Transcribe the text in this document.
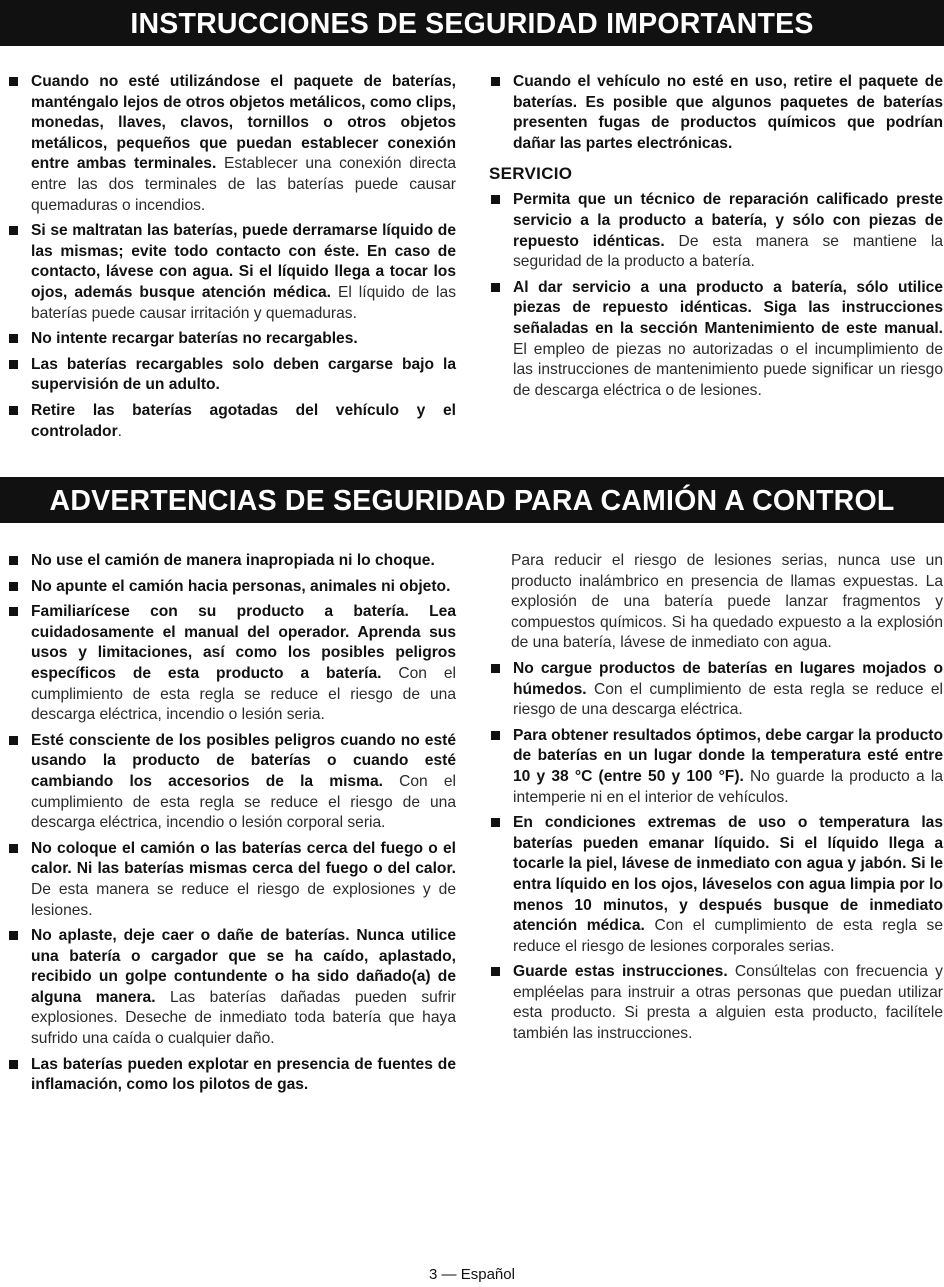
INSTRUCCIONES DE SEGURIDAD IMPORTANTES
Cuando no esté utilizándose el paquete de baterías, manténgalo lejos de otros objetos metálicos, como clips, monedas, llaves, clavos, tornillos o otros objetos metálicos, pequeños que puedan establecer conexión entre ambas terminales. Establecer una conexión directa entre las dos terminales de las baterías puede causar quemaduras o incendios.
Si se maltratan las baterías, puede derramarse líquido de las mismas; evite todo contacto con éste. En caso de contacto, lávese con agua. Si el líquido llega a tocar los ojos, además busque atención médica. El líquido de las baterías puede causar irritación y quemaduras.
No intente recargar baterías no recargables.
Las baterías recargables solo deben cargarse bajo la supervisión de un adulto.
Retire las baterías agotadas del vehículo y el controlador.
Cuando el vehículo no esté en uso, retire el paquete de baterías. Es posible que algunos paquetes de baterías presenten fugas de productos químicos que podrían dañar las partes electrónicas.
SERVICIO
Permita que un técnico de reparación calificado preste servicio a la producto a batería, y sólo con piezas de repuesto idénticas. De esta manera se mantiene la seguridad de la producto a batería.
Al dar servicio a una producto a batería, sólo utilice piezas de repuesto idénticas. Siga las instrucciones señaladas en la sección Mantenimiento de este manual. El empleo de piezas no autorizadas o el incumplimiento de las instrucciones de mantenimiento puede significar un riesgo de descarga eléctrica o de lesiones.
ADVERTENCIAS DE SEGURIDAD PARA CAMIÓN A CONTROL
No use el camión de manera inapropiada ni lo choque.
No apunte el camión hacia personas, animales ni objeto.
Familiarícese con su producto a batería. Lea cuidadosamente el manual del operador. Aprenda sus usos y limitaciones, así como los posibles peligros específicos de esta producto a batería. Con el cumplimiento de esta regla se reduce el riesgo de una descarga eléctrica, incendio o lesión seria.
Esté consciente de los posibles peligros cuando no esté usando la producto de baterías o cuando esté cambiando los accesorios de la misma. Con el cumplimiento de esta regla se reduce el riesgo de una descarga eléctrica, incendio o lesión corporal seria.
No coloque el camión o las baterías cerca del fuego o el calor. Ni las baterías mismas cerca del fuego o del calor. De esta manera se reduce el riesgo de explosiones y de lesiones.
No aplaste, deje caer o dañe de baterías. Nunca utilice una batería o cargador que se ha caído, aplastado, recibido un golpe contundente o ha sido dañado(a) de alguna manera. Las baterías dañadas pueden sufrir explosiones. Deseche de inmediato toda batería que haya sufrido una caída o cualquier daño.
Las baterías pueden explotar en presencia de fuentes de inflamación, como los pilotos de gas.

Para reducir el riesgo de lesiones serias, nunca use un producto inalámbrico en presencia de llamas expuestas. La explosión de una batería puede lanzar fragmentos y compuestos químicos. Si ha quedado expuesto a la explosión de una batería, lávese de inmediato con agua.

No cargue productos de baterías en lugares mojados o húmedos. Con el cumplimiento de esta regla se reduce el riesgo de una descarga eléctrica.
Para obtener resultados óptimos, debe cargar la producto de baterías en un lugar donde la temperatura esté entre 10 y 38 °C (entre 50 y 100 °F). No guarde la producto a la intemperie ni en el interior de vehículos.
En condiciones extremas de uso o temperatura las baterías pueden emanar líquido. Si el líquido llega a tocarle la piel, lávese de inmediato con agua y jabón. Si le entra líquido en los ojos, láveselos con agua limpia por lo menos 10 minutos, y después busque de inmediato atención médica. Con el cumplimiento de esta regla se reduce el riesgo de lesiones corporales serias.
Guarde estas instrucciones. Consúltelas con frecuencia y empléelas para instruir a otras personas que puedan utilizar esta producto. Si presta a alguien esta producto, facilítele también las instrucciones.
3 — Español
